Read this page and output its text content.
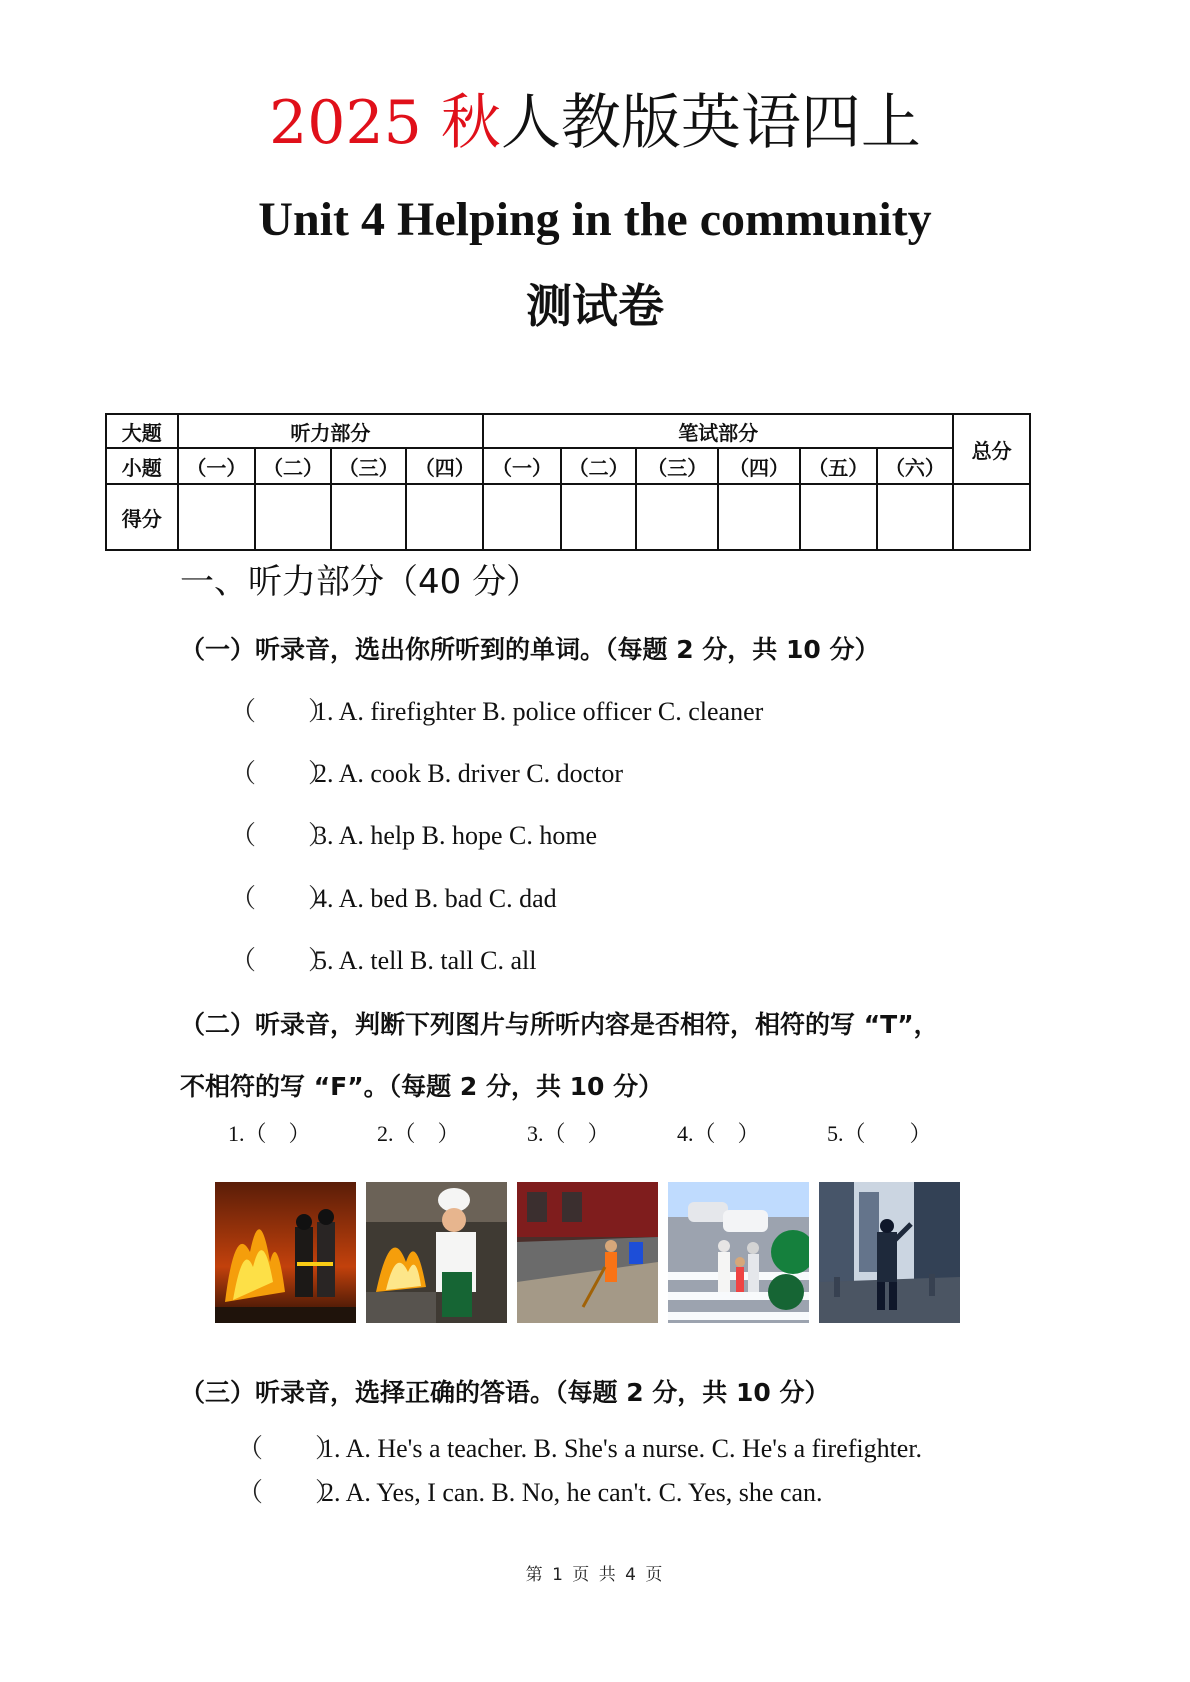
2025 秋人教版英语四上
Unit 4 Helping in the community
测试卷
大题	听力部分				笔试部分						总分
小题	（一）	（二）	（三）	（四）	（一）	（二）	（三）	（四）	（五）	（六）	
得分											
一、听力部分（40 分）
（一）听录音，选出你所听到的单词。（每题 2 分，共 10 分）
（　　）1. A. firefighter B. police officer C. cleaner
（　　）2. A. cook B. driver C. doctor
（　　）3. A. help B. hope C. home
（　　）4. A. bed B. bad C. dad
（　　）5. A. tell B. tall C. all
（二）听录音，判断下列图片与所听内容是否相符，相符的写 “T”，
不相符的写 “F”。（每题 2 分，共 10 分）
1.（　）	2.（　）	3.（　）	4.（　）	5.（　　）
（三）听录音，选择正确的答语。（每题 2 分，共 10 分）
（　　）1. A. He's a teacher. B. She's a nurse. C. He's a firefighter.
（　　）2. A. Yes, I can. B. No, he can't. C. Yes, she can.
第 1 页 共 4 页
